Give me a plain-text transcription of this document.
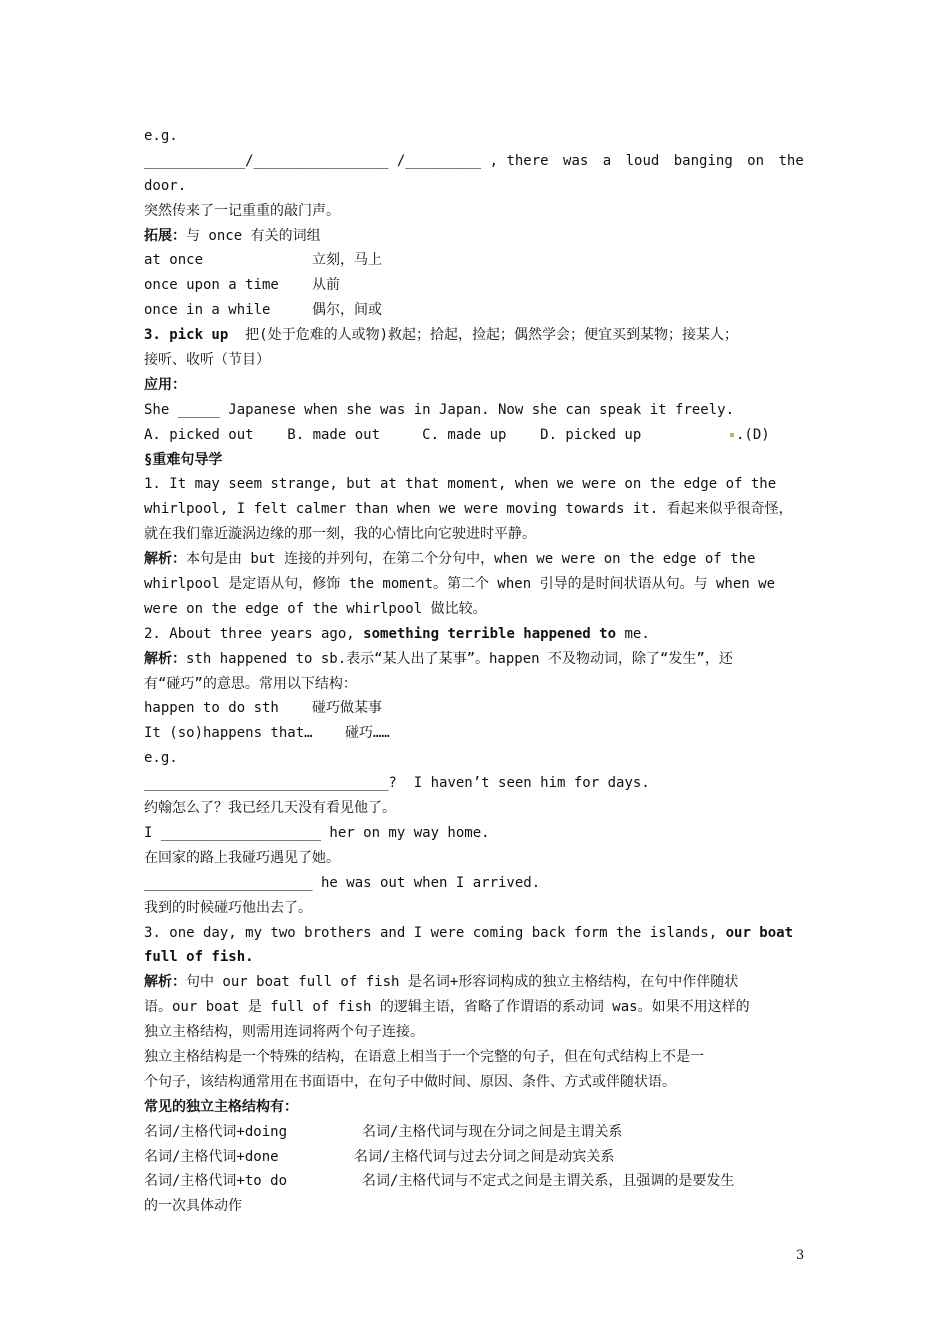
e.g.
____________/________________ /_________ , there was a loud banging on the
door.
突然传来了一记重重的敲门声。
拓展：与 once 有关的词组
at once	立刻，马上
once upon a time 从前
once in a while	偶尔，间或
3. pick up 把(处于危难的人或物)救起；拾起，捡起；偶然学会；便宜买到某物；接某人；
接听、收听（节目）
应用：
She _____ Japanese when she was in Japan. Now she can speak it freely.
A. picked out    B. made out     C. made up    D. picked up	.(D)
§重难句导学
1. It may seem strange, but at that moment, when we were on the edge of the
whirlpool, I felt calmer than when we were moving towards it. 看起来似乎很奇怪，
就在我们靠近漩涡边缘的那一刻，我的心情比向它驶进时平静。
解析：本句是由 but 连接的并列句，在第二个分句中，when we were on the edge of the
whirlpool 是定语从句，修饰 the moment。第二个 when 引导的是时间状语从句。与 when we
were on the edge of the whirlpool 做比较。
2. About three years ago, something terrible happened to me.
解析：sth happened to sb.表示“某人出了某事”。happen 不及物动词，除了“发生”，还
有“碰巧”的意思。常用以下结构：
happen to do sth 碰巧做某事
It (so)happens that… 碰巧……
e.g.
_____________________________? I haven’t seen him for days.
约翰怎么了？我已经几天没有看见他了。
I ___________________ her on my way home.
在回家的路上我碰巧遇见了她。
____________________ he was out when I arrived.
我到的时候碰巧他出去了。
3. one day, my two brothers and I were coming back form the islands, our boat
full of fish.
解析：句中 our boat full of fish 是名词+形容词构成的独立主格结构，在句中作伴随状
语。our boat 是 full of fish 的逻辑主语，省略了作谓语的系动词 was。如果不用这样的
独立主格结构，则需用连词将两个句子连接。
独立主格结构是一个特殊的结构，在语意上相当于一个完整的句子，但在句式结构上不是一
个句子，该结构通常用在书面语中，在句子中做时间、原因、条件、方式或伴随状语。
常见的独立主格结构有：
名词/主格代词+doing	名词/主格代词与现在分词之间是主谓关系
名词/主格代词+done	名词/主格代词与过去分词之间是动宾关系
名词/主格代词+to do	名词/主格代词与不定式之间是主谓关系，且强调的是要发生
的一次具体动作
3
